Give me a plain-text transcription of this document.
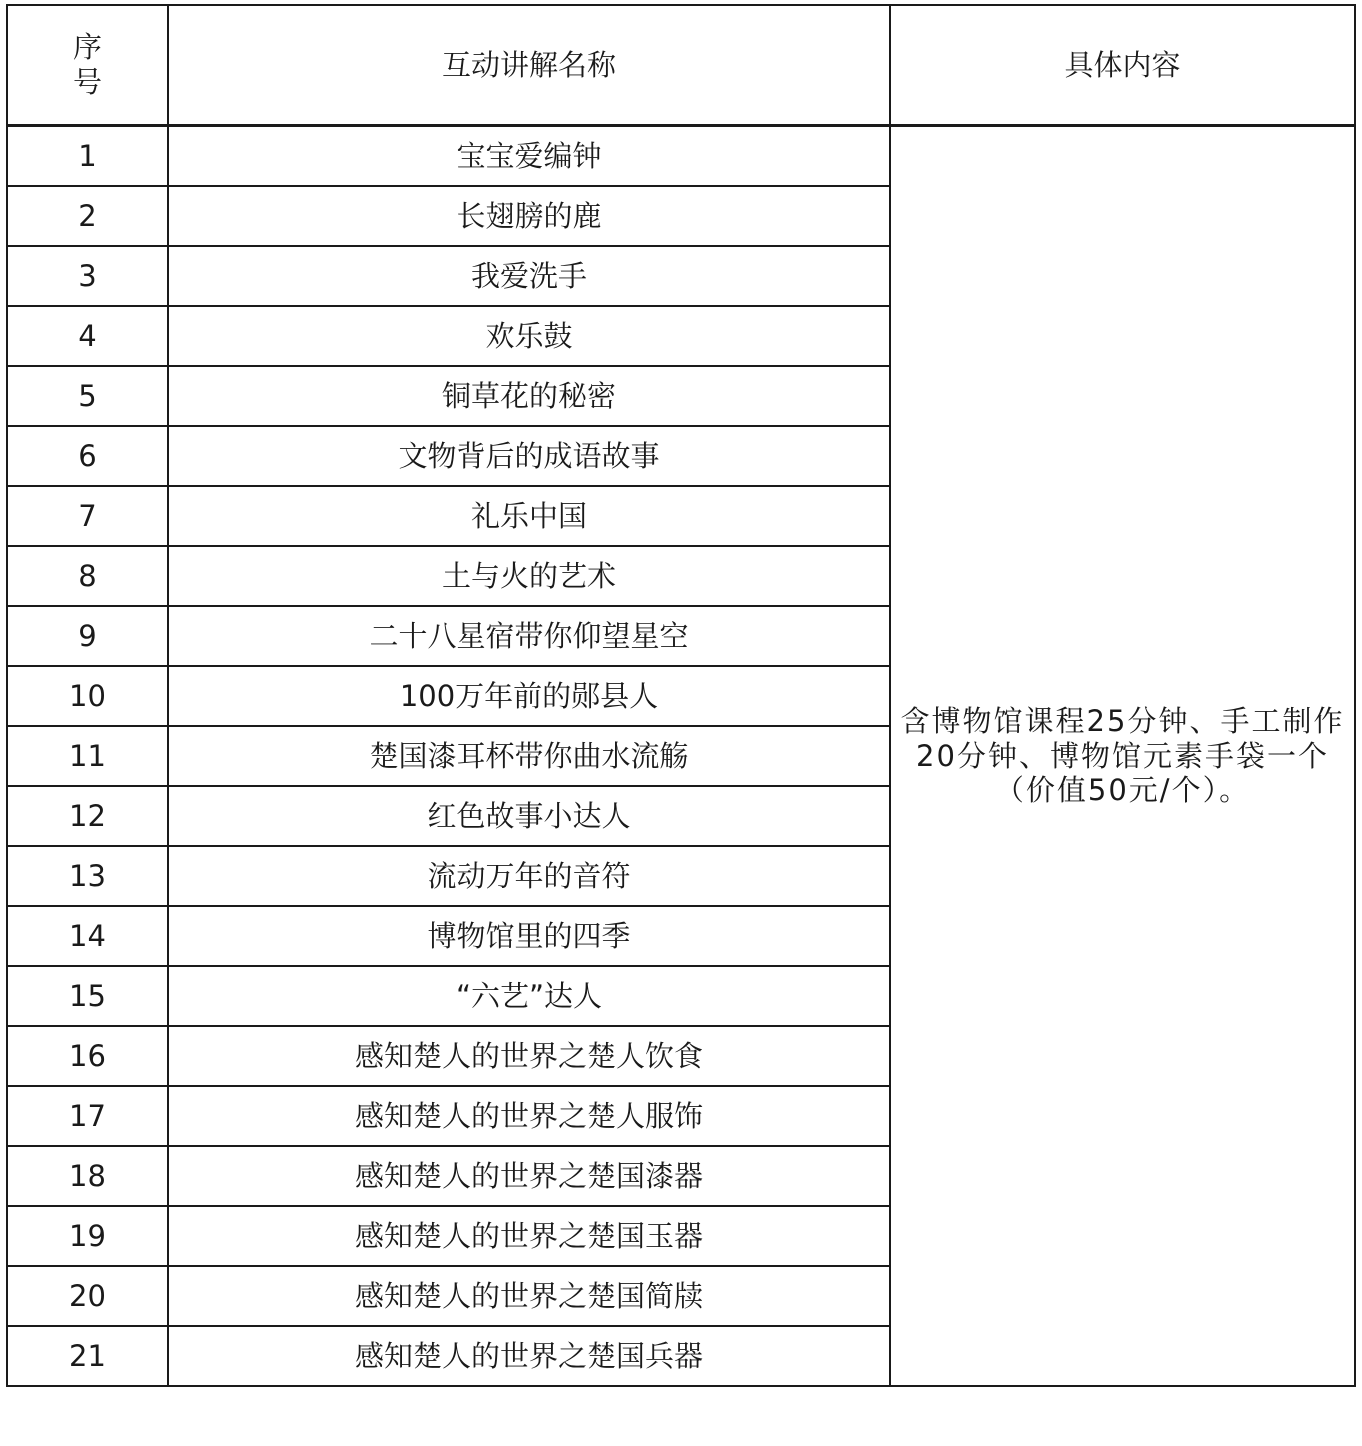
序
号	互动讲解名称	具体内容
1	宝宝爱编钟	含博物馆课程25分钟、手工制作20分钟、博物馆元素手袋一个（价值50元/个）。
2	长翅膀的鹿	
3	我爱洗手	
4	欢乐鼓	
5	铜草花的秘密	
6	文物背后的成语故事	
7	礼乐中国	
8	土与火的艺术	
9	二十八星宿带你仰望星空	
10	100万年前的郧县人	
11	楚国漆耳杯带你曲水流觞	
12	红色故事小达人	
13	流动万年的音符	
14	博物馆里的四季	
15	“六艺”达人	
16	感知楚人的世界之楚人饮食	
17	感知楚人的世界之楚人服饰	
18	感知楚人的世界之楚国漆器	
19	感知楚人的世界之楚国玉器	
20	感知楚人的世界之楚国简牍	
21	感知楚人的世界之楚国兵器	
